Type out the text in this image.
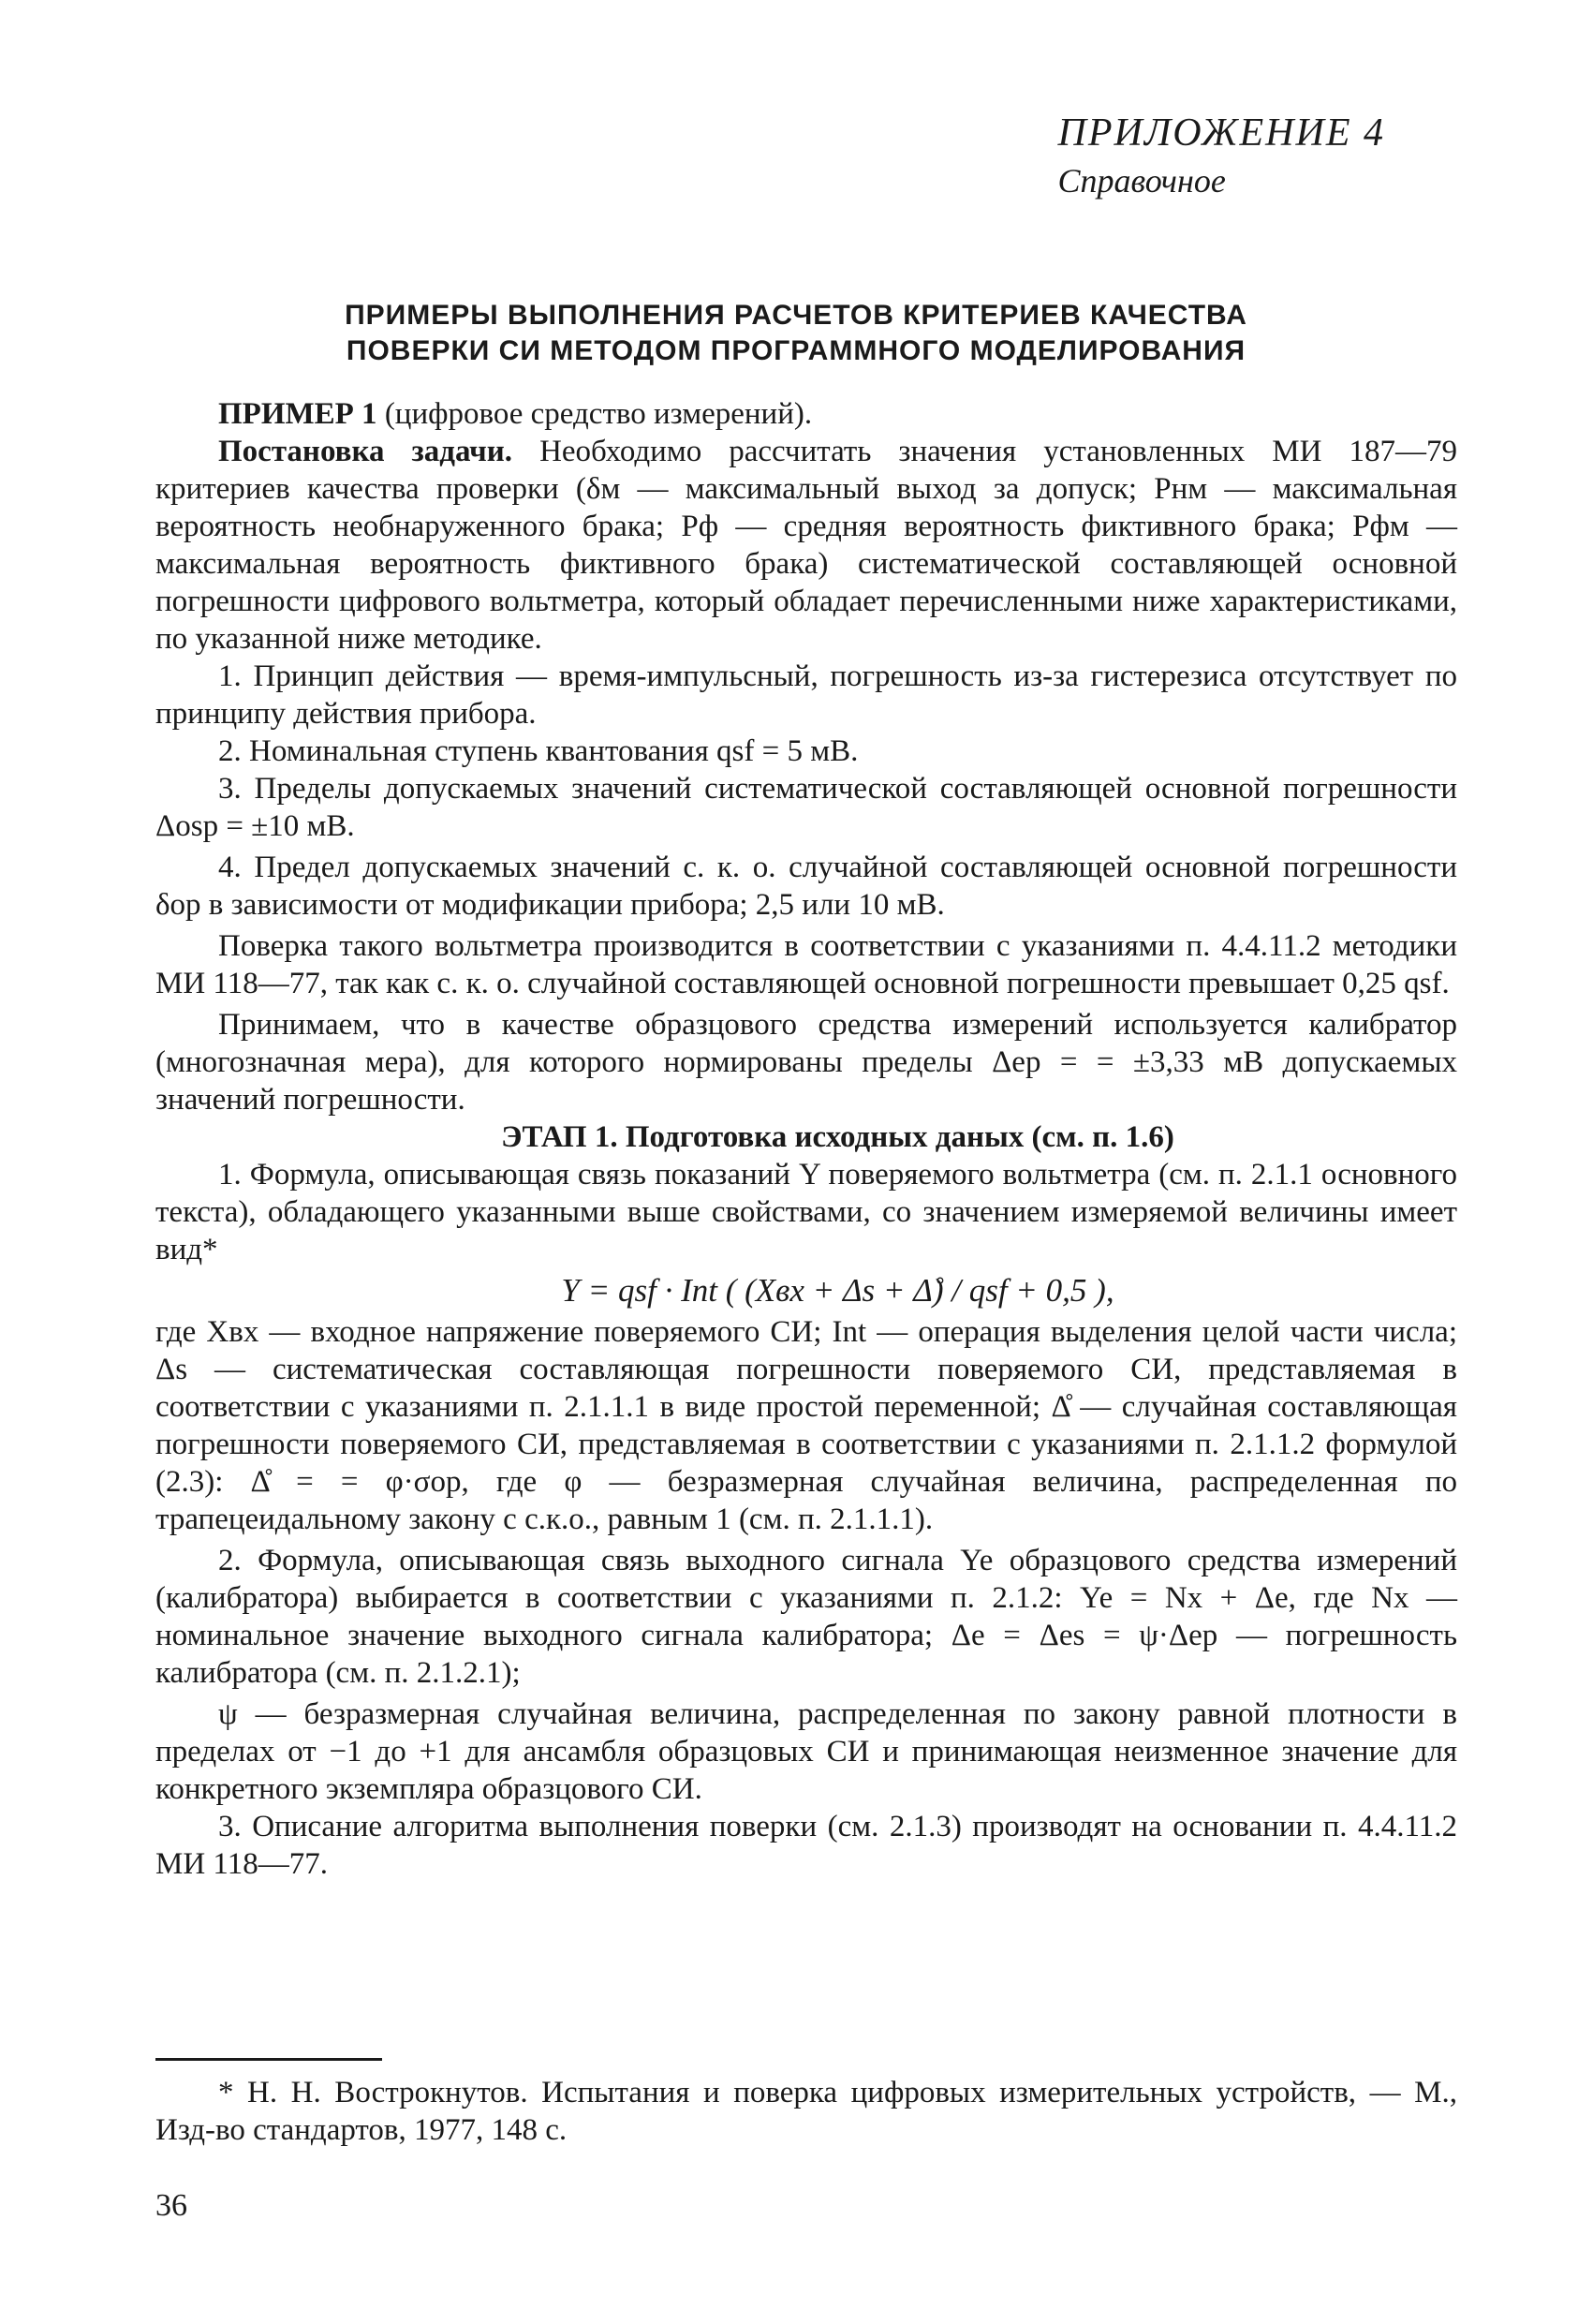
ПРИЛОЖЕНИЕ 4
Справочное
ПРИМЕРЫ ВЫПОЛНЕНИЯ РАСЧЕТОВ КРИТЕРИЕВ КАЧЕСТВА
ПОВЕРКИ СИ МЕТОДОМ ПРОГРАММНОГО МОДЕЛИРОВАНИЯ

ПРИМЕР 1 (цифровое средство измерений).

Постановка задачи. Необходимо рассчитать значения установленных МИ 187—79 критериев качества проверки (δм — максимальный выход за допуск; Pнм — максимальная вероятность необнаруженного брака; Pф — средняя вероятность фиктивного брака; Pфм — максимальная вероятность фиктивного брака) систематической составляющей основной погрешности цифрового вольтметра, который обладает перечисленными ниже характеристиками, по указанной ниже методике.

1. Принцип действия — время-импульсный, погрешность из-за гистерезиса отсутствует по принципу действия прибора.

2. Номинальная ступень квантования qsf = 5 мВ.

3. Пределы допускаемых значений систематической составляющей основной погрешности Δosp = ±10 мВ.

4. Предел допускаемых значений с. к. о. случайной составляющей основной погрешности δop в зависимости от модификации прибора; 2,5 или 10 мВ.

Поверка такого вольтметра производится в соответствии с указаниями п. 4.4.11.2 методики МИ 118—77, так как с. к. о. случайной составляющей основной погрешности превышает 0,25 qsf.

Принимаем, что в качестве образцового средства измерений используется калибратор (многозначная мера), для которого нормированы пределы Δep = = ±3,33 мВ допускаемых значений погрешности.

ЭТАП 1. Подготовка исходных даных (см. п. 1.6)

1. Формула, описывающая связь показаний Y поверяемого вольтметра (см. п. 2.1.1 основного текста), обладающего указанными выше свойствами, со значением измеряемой величины имеет вид*

Y = qsf · Int ( (Xвх + Δs + Δ̊) / qsf + 0,5 ),

где Xвх — входное напряжение поверяемого СИ; Int — операция выделения целой части числа; Δs — систематическая составляющая погрешности поверяемого СИ, представляемая в соответствии с указаниями п. 2.1.1.1 в виде простой переменной; Δ̊ — случайная составляющая погрешности поверяемого СИ, представляемая в соответствии с указаниями п. 2.1.1.2 формулой (2.3): Δ̊ = = φ·σop, где φ — безразмерная случайная величина, распределенная по трапецеидальному закону с с.к.о., равным 1 (см. п. 2.1.1.1).

2. Формула, описывающая связь выходного сигнала Ye образцового средства измерений (калибратора) выбирается в соответствии с указаниями п. 2.1.2: Ye = Nx + Δe, где Nx — номинальное значение выходного сигнала калибратора; Δe = Δes = ψ·Δep — погрешность калибратора (см. п. 2.1.2.1);

ψ — безразмерная случайная величина, распределенная по закону равной плотности в пределах от −1 до +1 для ансамбля образцовых СИ и принимающая неизменное значение для конкретного экземпляра образцового СИ.

3. Описание алгоритма выполнения поверки (см. 2.1.3) производят на основании п. 4.4.11.2 МИ 118—77.

* Н. Н. Вострокнутов. Испытания и поверка цифровых измерительных устройств, — М., Изд-во стандартов, 1977, 148 с.
36
